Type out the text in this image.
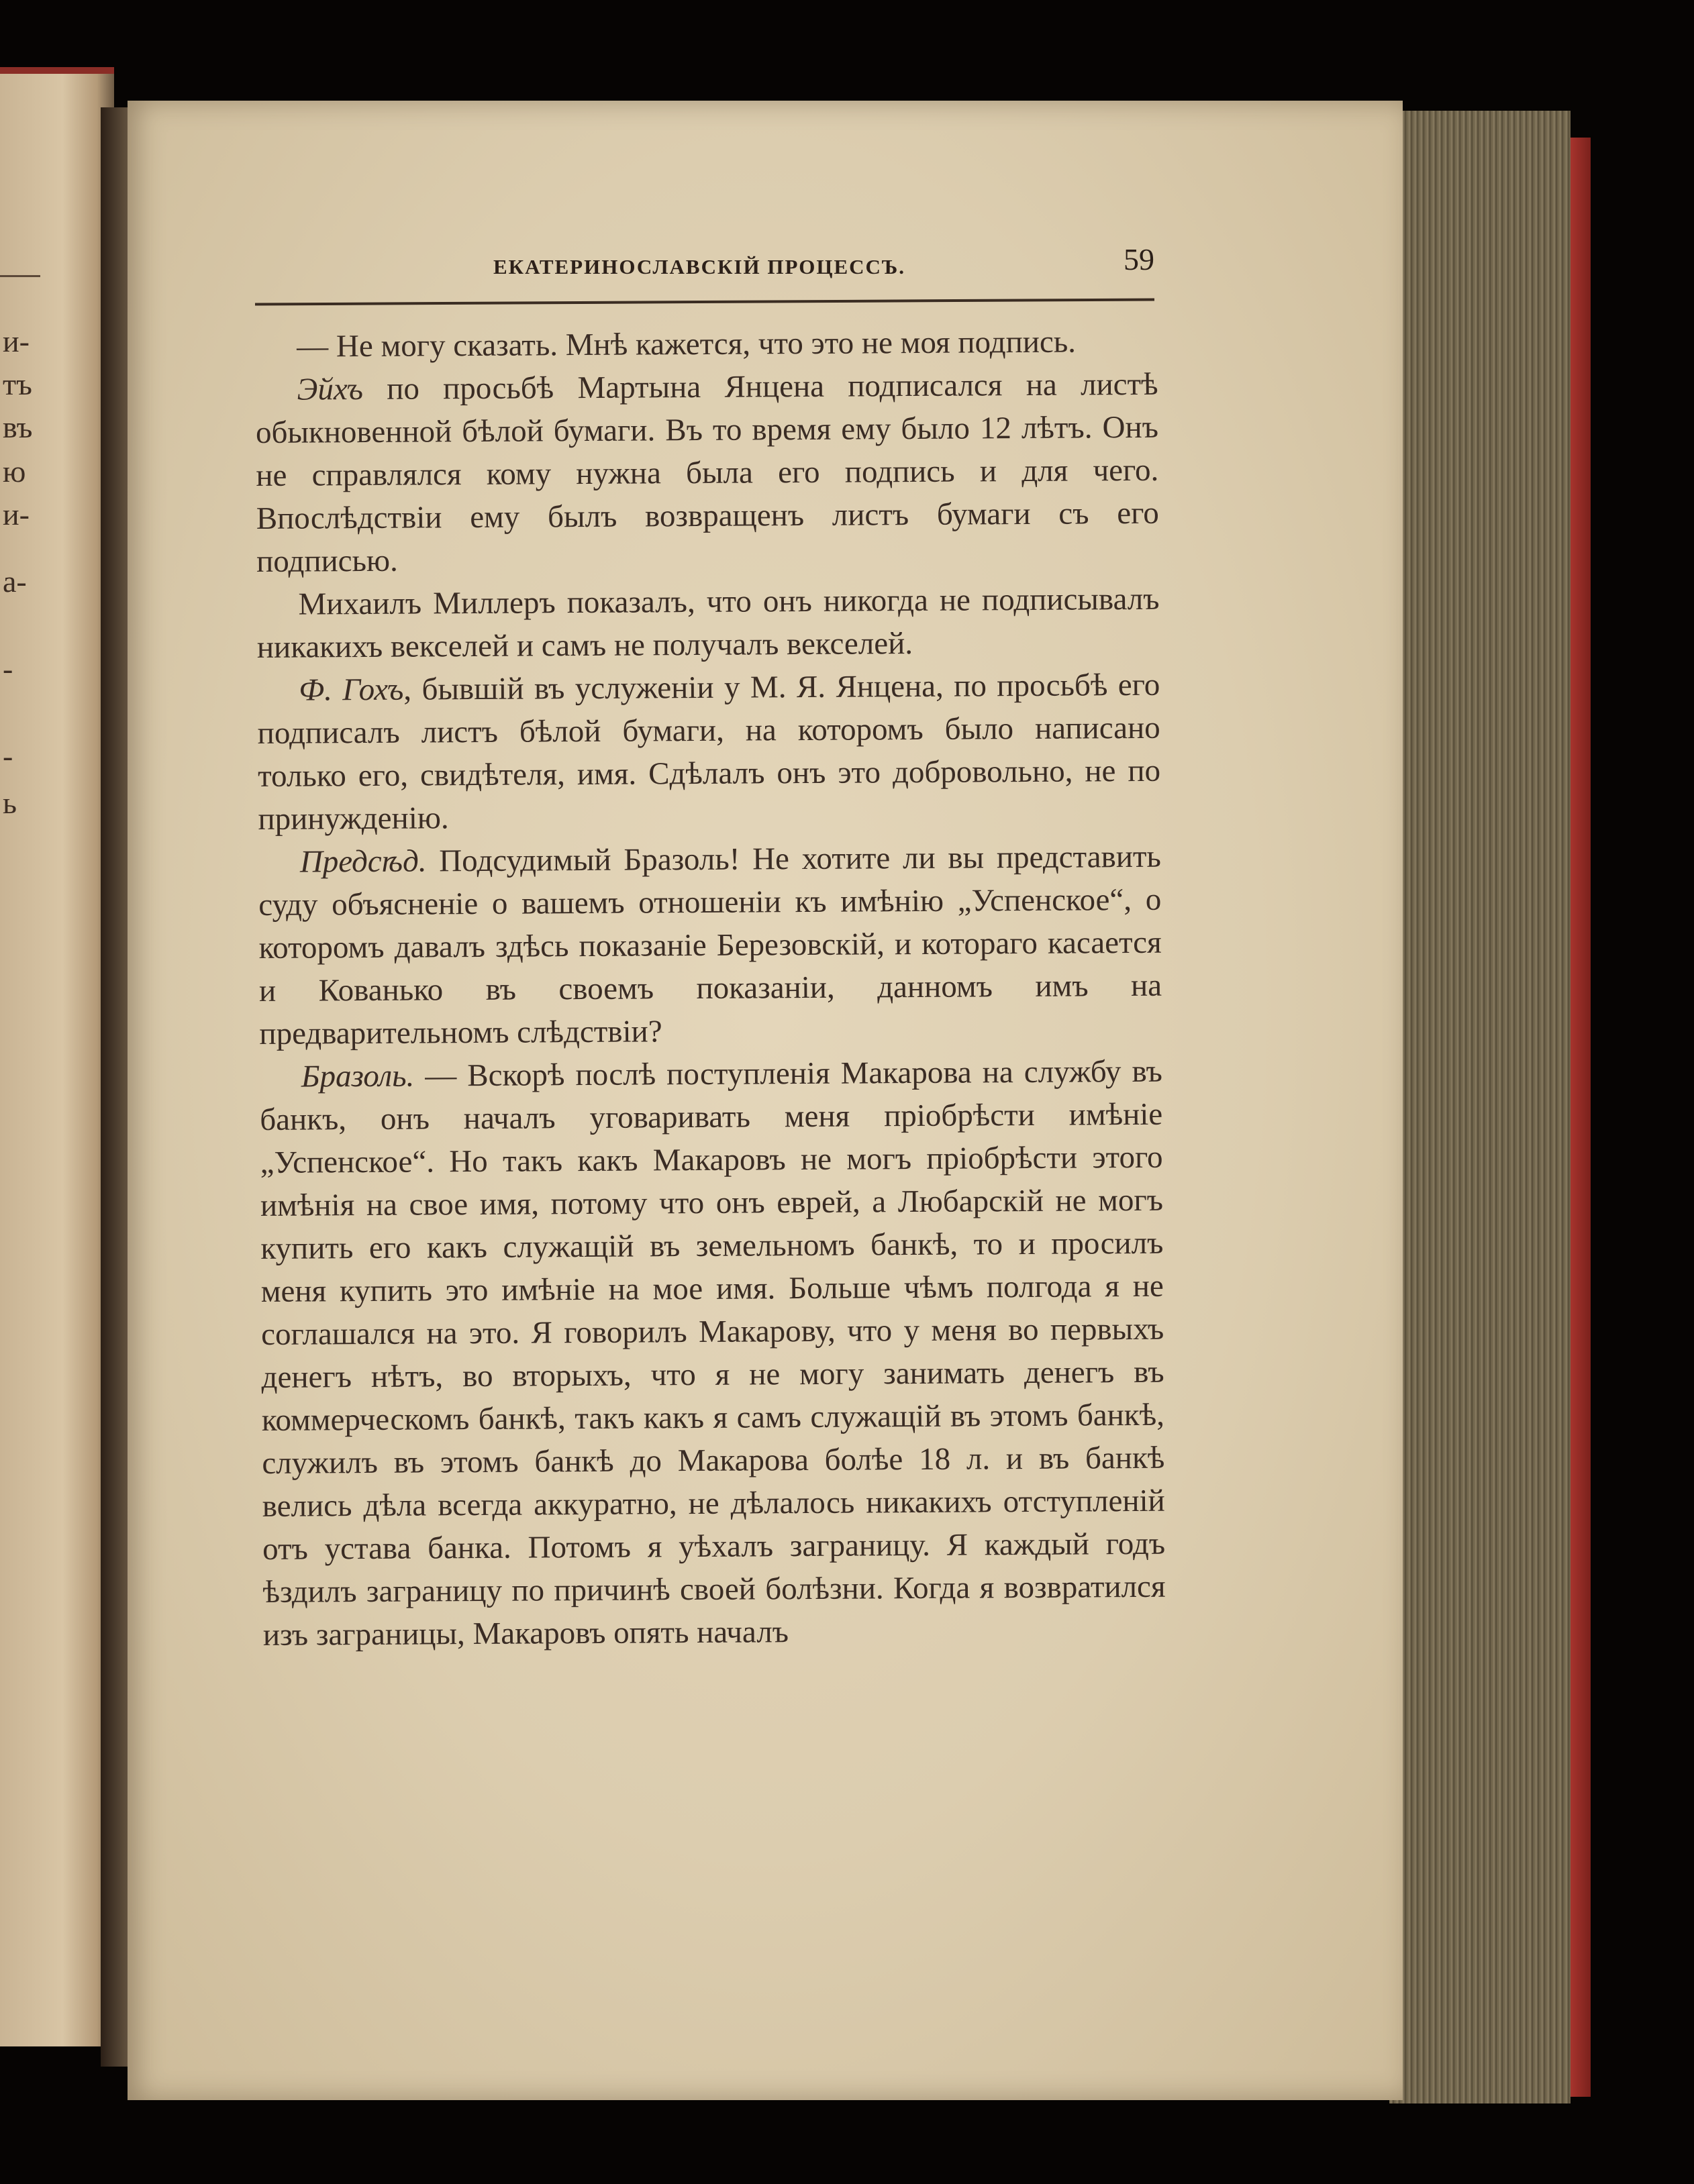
и-
тъ
въ
ю
и-
а-
-
-
ь
ЕКАТЕРИНОСЛАВСКІЙ ПРОЦЕССЪ.	59

— Не могу сказать. Мнѣ кажется, что это не моя подпись.

Эйхъ по просьбѣ Мартына Янцена подписался на листѣ обыкновенной бѣлой бумаги. Въ то время ему было 12 лѣтъ. Онъ не справлялся кому нужна была его подпись и для чего. Впослѣдствіи ему былъ возвращенъ листъ бумаги съ его подписью.

Михаилъ Миллеръ показалъ, что онъ никогда не подписывалъ никакихъ векселей и самъ не получалъ векселей.

Ф. Гохъ, бывшій въ услуженіи у М. Я. Янцена, по просьбѣ его подписалъ листъ бѣлой бумаги, на которомъ было написано только его, свидѣтеля, имя. Сдѣлалъ онъ это добровольно, не по принужденію.

Предсѣд. Подсудимый Бразоль! Не хотите ли вы представить суду объясненіе о вашемъ отношеніи къ имѣнію „Успенское“, о которомъ давалъ здѣсь показаніе Березовскій, и котораго касается и Кованько въ своемъ показаніи, данномъ имъ на предварительномъ слѣдствіи?

Бразоль. — Вскорѣ послѣ поступленія Макарова на службу въ банкъ, онъ началъ уговаривать меня пріобрѣсти имѣніе „Успенское“. Но такъ какъ Макаровъ не могъ пріобрѣсти этого имѣнія на свое имя, потому что онъ еврей, а Любарскій не могъ купить его какъ служащій въ земельномъ банкѣ, то и просилъ меня купить это имѣніе на мое имя. Больше чѣмъ полгода я не соглашался на это. Я говорилъ Макарову, что у меня во первыхъ денегъ нѣтъ, во вторыхъ, что я не могу занимать денегъ въ коммерческомъ банкѣ, такъ какъ я самъ служащій въ этомъ банкѣ, служилъ въ этомъ банкѣ до Макарова болѣе 18 л. и въ банкѣ велись дѣла всегда аккуратно, не дѣлалось никакихъ отступленій отъ устава банка. Потомъ я уѣхалъ заграницу. Я каждый годъ ѣздилъ заграницу по причинѣ своей болѣзни. Когда я возвратился изъ заграницы, Макаровъ опять началъ
